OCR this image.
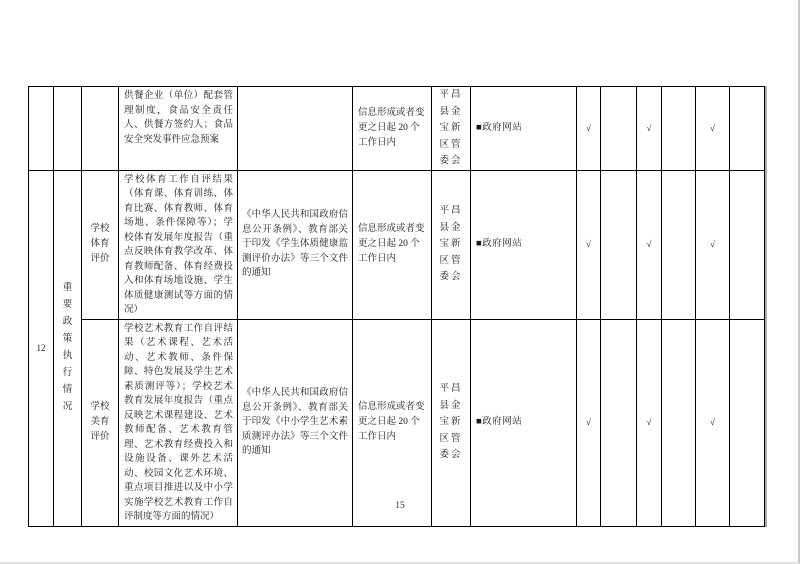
			供餐企业（单位）配套管理制度，食品安全责任人、供餐方签约人；食品安全突发事件应急预案		信息形成或者变更之日起 20 个工作日内	平昌县金宝新区管委会	■政府网站	√		√		√	
12	重要政策执行情况	学校体育评价	学校体育工作自评结果（体育课、体育训练、体育比赛、体育教师、体育场地、条件保障等）；学校体育发展年度报告（重点反映体育教学改革、体育教师配备、体育经费投入和体育场地设施、学生体质健康测试等方面的情况）	《中华人民共和国政府信息公开条例》、教育部关于印发《学生体质健康监测评价办法》等三个文件的通知	信息形成或者变更之日起 20 个工作日内	平昌县金宝新区管委会	■政府网站	√		√		√	
		学校美育评价	学校艺术教育工作自评结果（艺术课程、艺术活动、艺术教师、条件保障、特色发展及学生艺术素质测评等）；学校艺术教育发展年度报告（重点反映艺术课程建设、艺术教师配备、艺术教育管理、艺术教育经费投入和设施设备、课外艺术活动、校园文化艺术环境、重点项目推进以及中小学实施学校艺术教育工作自评制度等方面的情况）	《中华人民共和国政府信息公开条例》、教育部关于印发《中小学生艺术素质测评办法》等三个文件的通知	信息形成或者变更之日起 20 个工作日内	平昌县金宝新区管委会	■政府网站	√		√		√	
15
